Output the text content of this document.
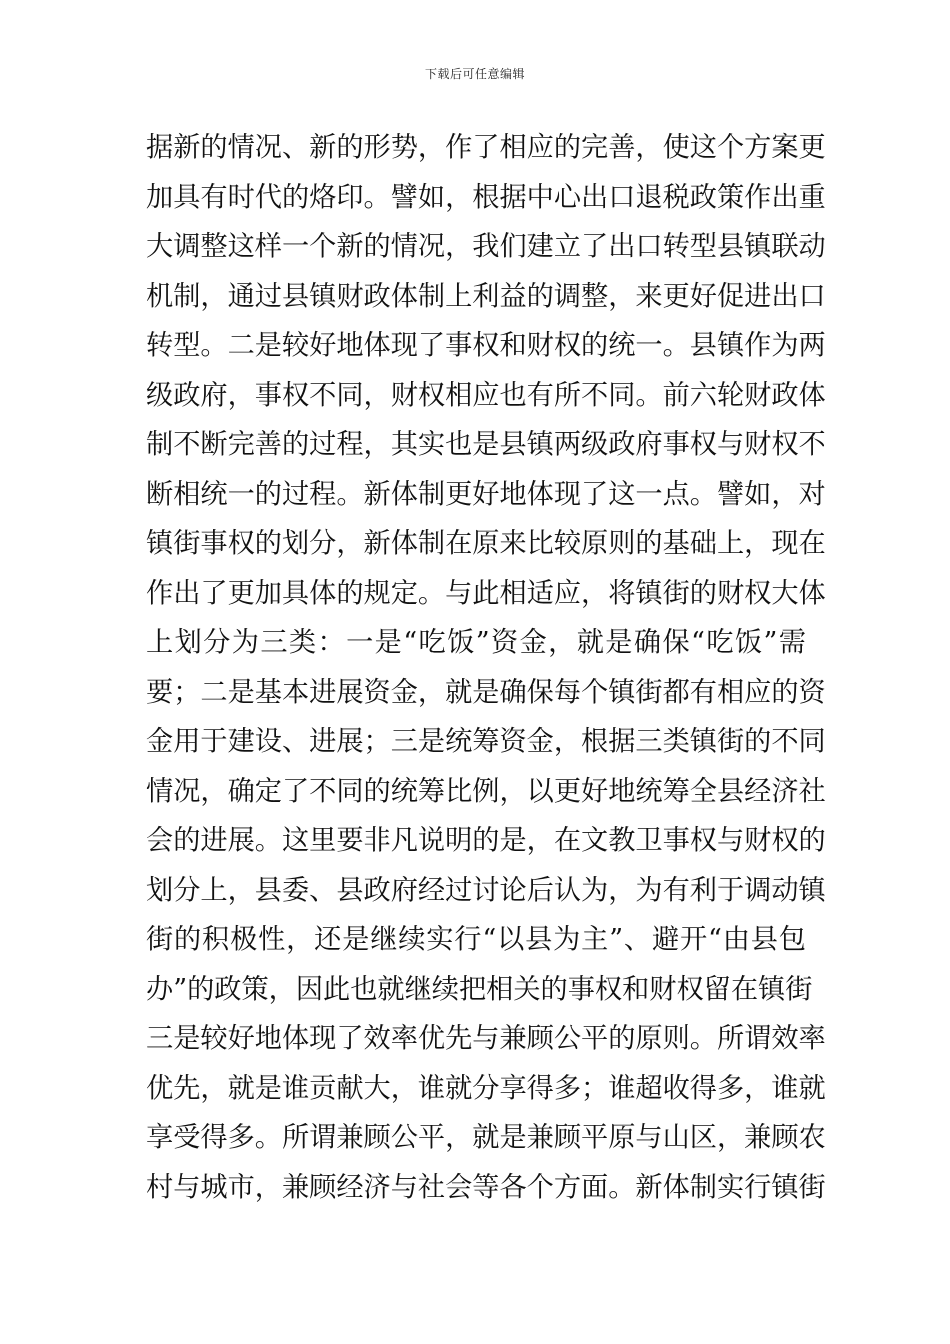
下载后可任意编辑
据新的情况、新的形势，作了相应的完善，使这个方案更
加具有时代的烙印。譬如，根据中心出口退税政策作出重
大调整这样一个新的情况，我们建立了出口转型县镇联动
机制，通过县镇财政体制上利益的调整，来更好促进出口
转型。二是较好地体现了事权和财权的统一。县镇作为两
级政府，事权不同，财权相应也有所不同。前六轮财政体
制不断完善的过程，其实也是县镇两级政府事权与财权不
断相统一的过程。新体制更好地体现了这一点。譬如，对
镇街事权的划分，新体制在原来比较原则的基础上，现在
作出了更加具体的规定。与此相适应，将镇街的财权大体
上划分为三类：一是“吃饭”资金，就是确保“吃饭”需
要；二是基本进展资金，就是确保每个镇街都有相应的资
金用于建设、进展；三是统筹资金，根据三类镇街的不同
情况，确定了不同的统筹比例，以更好地统筹全县经济社
会的进展。这里要非凡说明的是，在文教卫事权与财权的
划分上，县委、县政府经过讨论后认为，为有利于调动镇
街的积极性，还是继续实行“以县为主”、避开“由县包
办”的政策，因此也就继续把相关的事权和财权留在镇街
三是较好地体现了效率优先与兼顾公平的原则。所谓效率
优先，就是谁贡献大，谁就分享得多；谁超收得多，谁就
享受得多。所谓兼顾公平，就是兼顾平原与山区，兼顾农
村与城市，兼顾经济与社会等各个方面。新体制实行镇街
